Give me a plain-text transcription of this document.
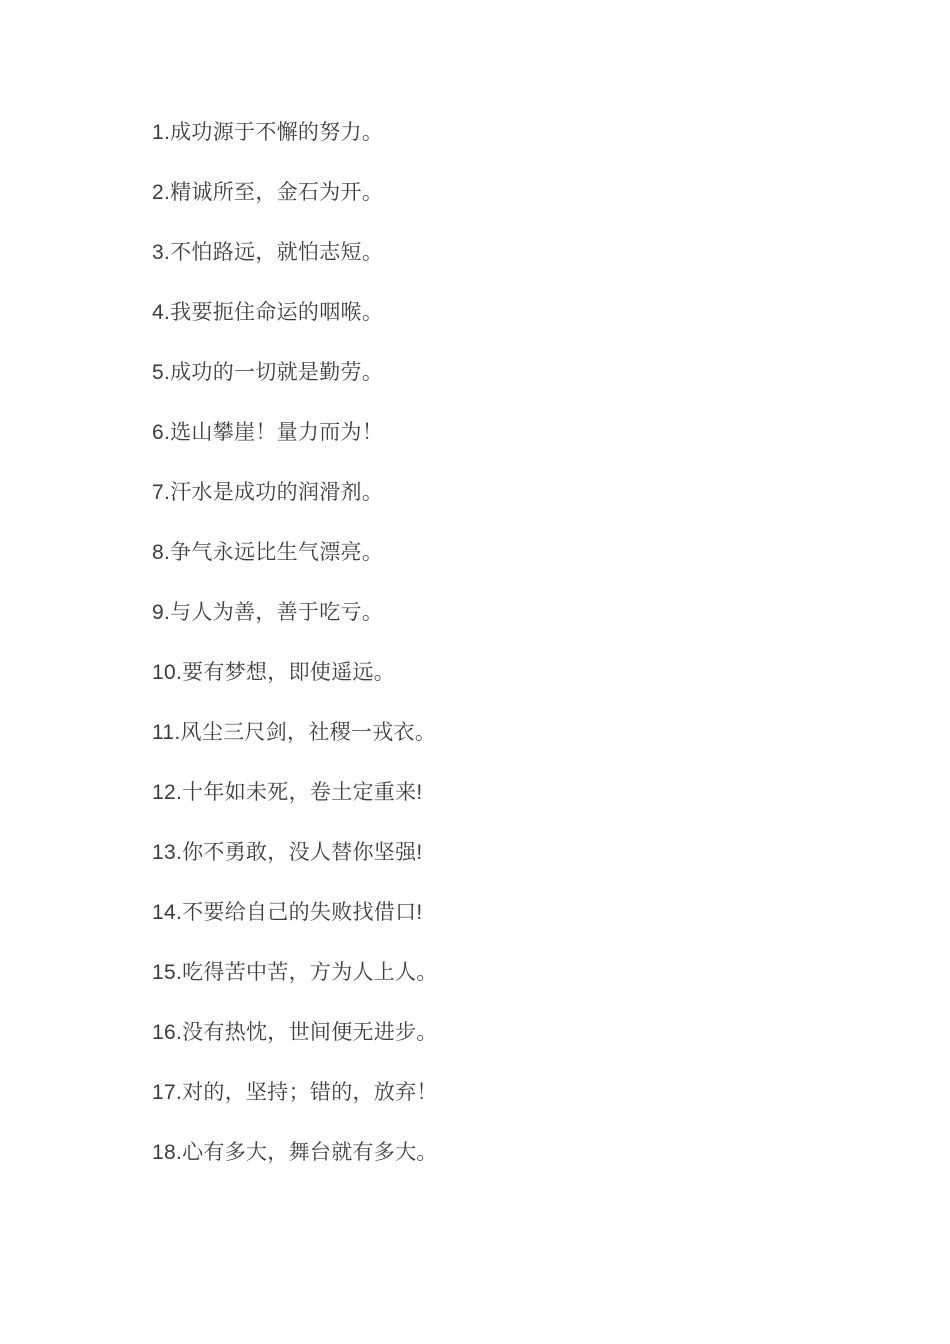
1.成功源于不懈的努力。

2.精诚所至，金石为开。

3.不怕路远，就怕志短。

4.我要扼住命运的咽喉。

5.成功的一切就是勤劳。

6.选山攀崖！量力而为！

7.汗水是成功的润滑剂。

8.争气永远比生气漂亮。

9.与人为善，善于吃亏。

10.要有梦想，即使遥远。

11.风尘三尺剑，社稷一戎衣。

12.十年如未死，卷土定重来!

13.你不勇敢，没人替你坚强!

14.不要给自己的失败找借口!

15.吃得苦中苦，方为人上人。

16.没有热忱，世间便无进步。

17.对的，坚持；错的，放弃！

18.心有多大，舞台就有多大。
